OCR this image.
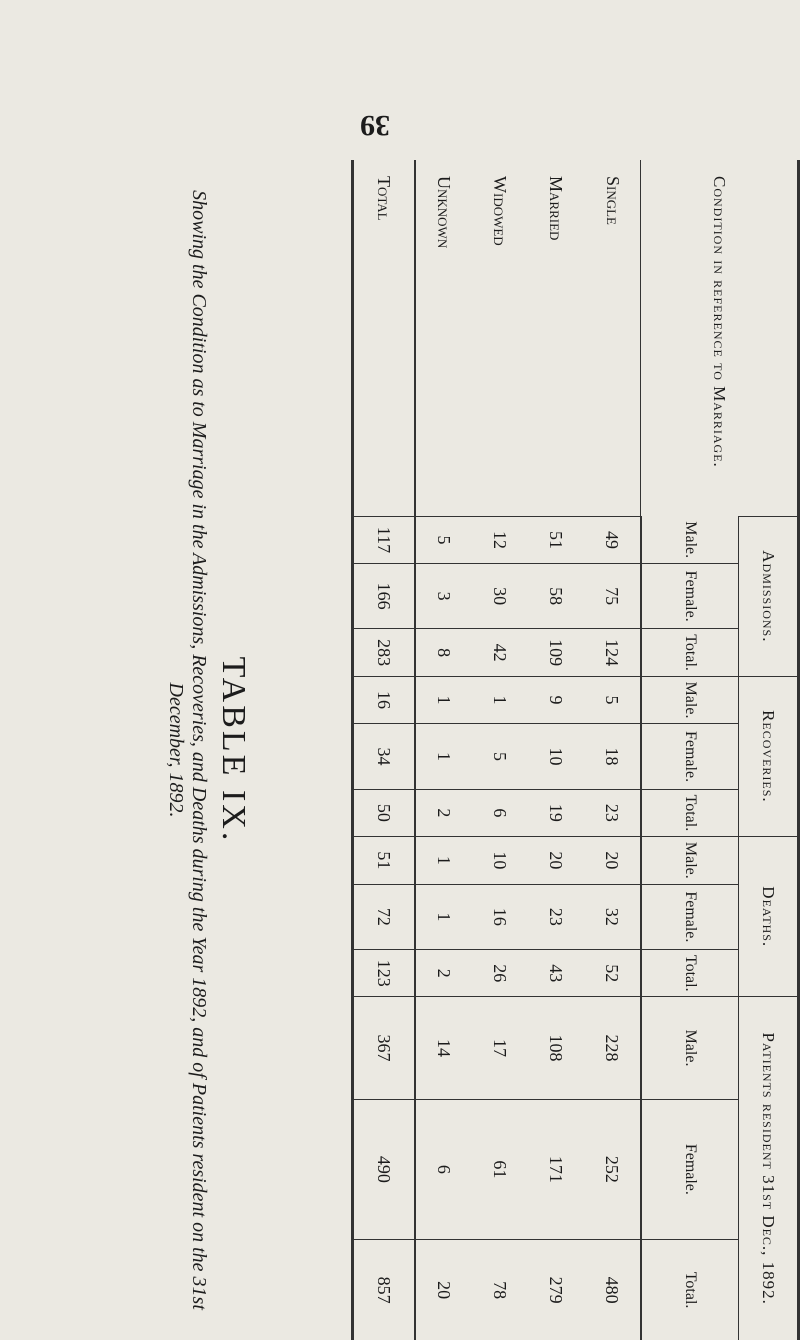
39
Condition in reference to Marriage.	Admissions.			Recoveries.			Deaths.			Patients resident 31st Dec., 1892.		
	Male.	Female.	Total.	Male.	Female.	Total.	Male.	Female.	Total.	Male.	Female.	Total.
Single	49	75	124	5	18	23	20	32	52	228	252	480
Married	51	58	109	9	10	19	20	23	43	108	171	279
Widowed	12	30	42	1	5	6	10	16	26	17	61	78
Unknown	5	3	8	1	1	2	1	1	2	14	6	20
Total	117	166	283	16	34	50	51	72	123	367	490	857
TABLE IX.
Showing the Condition as to Marriage in the Admissions, Recoveries, and Deaths during the Year 1892, and of Patients resident on the 31st December, 1892.
